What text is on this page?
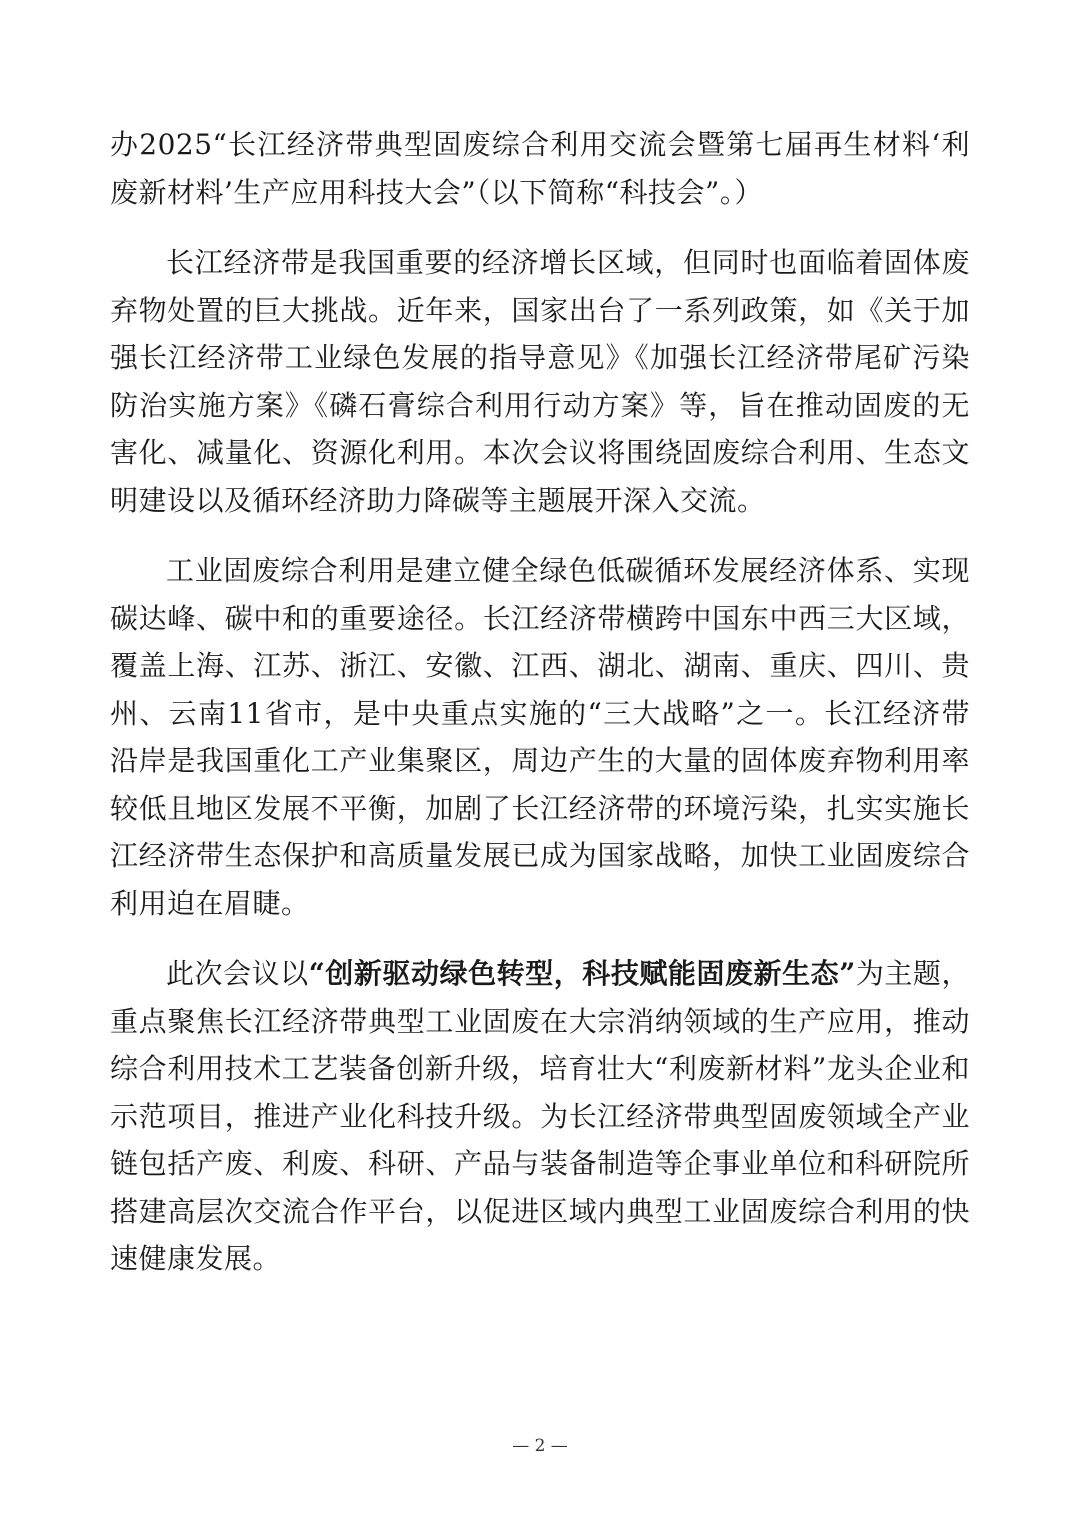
办2025“长江经济带典型固废综合利用交流会暨第七届再生材料‘利废新材料’生产应用科技大会”（以下简称“科技会”。）

长江经济带是我国重要的经济增长区域，但同时也面临着固体废弃物处置的巨大挑战。近年来，国家出台了一系列政策，如《关于加强长江经济带工业绿色发展的指导意见》《加强长江经济带尾矿污染防治实施方案》《磷石膏综合利用行动方案》等，旨在推动固废的无害化、减量化、资源化利用。本次会议将围绕固废综合利用、生态文明建设以及循环经济助力降碳等主题展开深入交流。

工业固废综合利用是建立健全绿色低碳循环发展经济体系、实现碳达峰、碳中和的重要途径。长江经济带横跨中国东中西三大区域，覆盖上海、江苏、浙江、安徽、江西、湖北、湖南、重庆、四川、贵州、云南11省市，是中央重点实施的“三大战略”之一。长江经济带沿岸是我国重化工产业集聚区，周边产生的大量的固体废弃物利用率较低且地区发展不平衡，加剧了长江经济带的环境污染，扎实实施长江经济带生态保护和高质量发展已成为国家战略，加快工业固废综合利用迫在眉睫。

此次会议以“创新驱动绿色转型，科技赋能固废新生态”为主题，重点聚焦长江经济带典型工业固废在大宗消纳领域的生产应用，推动综合利用技术工艺装备创新升级，培育壮大“利废新材料”龙头企业和示范项目，推进产业化科技升级。为长江经济带典型固废领域全产业链包括产废、利废、科研、产品与装备制造等企事业单位和科研院所搭建高层次交流合作平台，以促进区域内典型工业固废综合利用的快速健康发展。

— 2 —
